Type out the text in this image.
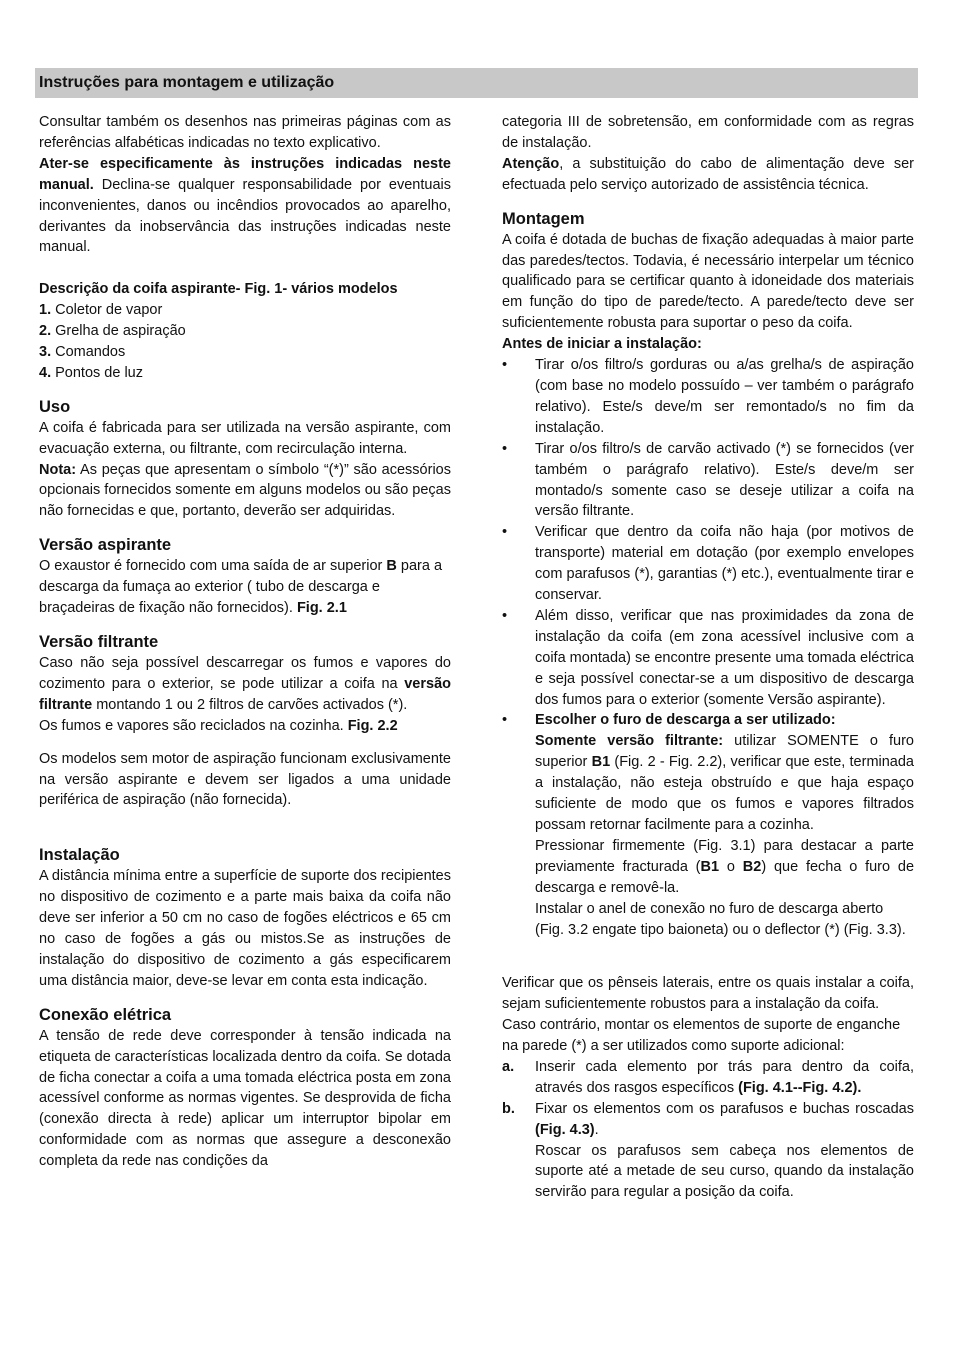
Instruções para montagem e utilização

Consultar também os desenhos nas primeiras páginas com as referências alfabéticas indicadas no texto explicativo.

Ater-se especificamente às instruções indicadas neste manual. Declina-se qualquer responsabilidade por eventuais inconvenientes, danos ou incêndios provocados ao aparelho, derivantes da inobservância das instruções indicadas neste manual.

Descrição da coifa aspirante- Fig. 1- vários modelos

1. Coletor de vapor

2. Grelha de aspiração

3. Comandos

4. Pontos de luz

Uso

A coifa é fabricada para ser utilizada na versão aspirante, com evacuação externa, ou filtrante, com recirculação interna.
Nota: As peças que apresentam o símbolo “(*)” são acessórios opcionais fornecidos somente em alguns modelos ou são peças não fornecidas e que, portanto, deverão ser adquiridas.

Versão aspirante

O exaustor é fornecido com uma saída de ar superior B para a descarga da fumaça ao exterior ( tubo de descarga e braçadeiras de fixação não fornecidos). Fig. 2.1

Versão filtrante

Caso não seja possível descarregar os fumos e vapores do cozimento para o exterior, se pode utilizar a coifa na versão filtrante montando 1 ou 2 filtros de carvões activados (*).
Os fumos e vapores são reciclados na cozinha. Fig. 2.2

Os modelos sem motor de aspiração funcionam exclusivamente na versão aspirante e devem ser ligados a uma unidade periférica de aspiração (não fornecida).

Instalação

A distância mínima entre a superfície de suporte dos recipientes no dispositivo de cozimento e a parte mais baixa da coifa não deve ser inferior a 50 cm no caso de fogões eléctricos e 65 cm no caso de fogões a gás ou mistos.Se as instruções de instalação do dispositivo de cozimento a gás especificarem uma distância maior, deve-se levar em conta esta indicação.

Conexão elétrica

A tensão de rede deve corresponder à tensão indicada na etiqueta de características localizada dentro da coifa. Se dotada de ficha conectar a coifa a uma tomada eléctrica posta em zona acessível conforme as normas vigentes. Se desprovida de ficha (conexão directa à rede) aplicar um interruptor bipolar em conformidade com as normas que assegure a desconexão completa da rede nas condições da

categoria III de sobretensão, em conformidade com as regras de instalação.

Atenção, a substituição do cabo de alimentação deve ser efectuada pelo serviço autorizado de assistência técnica.

Montagem

A coifa é dotada de buchas de fixação adequadas à maior parte das paredes/tectos. Todavia, é necessário interpelar um técnico qualificado para se certificar quanto à idoneidade dos materiais em função do tipo de parede/tecto. A parede/tecto deve ser suficientemente robusta para suportar o peso da coifa.

Antes de iniciar a instalação:

• Tirar o/os filtro/s gorduras ou a/as grelha/s de aspiração (com base no modelo possuído – ver também o parágrafo relativo). Este/s deve/m ser remontado/s no fim da instalação.
• Tirar o/os filtro/s de carvão activado (*) se fornecidos (ver também o parágrafo relativo). Este/s deve/m ser montado/s somente caso se deseje utilizar a coifa na versão filtrante.
• Verificar que dentro da coifa não haja (por motivos de transporte) material em dotação (por exemplo envelopes com parafusos (*), garantias (*) etc.), eventualmente tirar e conservar.
• Além disso, verificar que nas proximidades da zona de instalação da coifa (em zona acessível inclusive com a coifa montada) se encontre presente uma tomada eléctrica e seja possível conectar-se a um dispositivo de descarga dos fumos para o exterior (somente Versão aspirante).
• Escolher o furo de descarga a ser utilizado:
Somente versão filtrante: utilizar SOMENTE o furo superior B1 (Fig. 2 - Fig. 2.2), verificar que este, terminada a instalação, não esteja obstruído e que haja espaço suficiente de modo que os fumos e vapores filtrados possam retornar facilmente para a cozinha.
Pressionar firmemente (Fig. 3.1) para destacar a parte previamente fracturada (B1 o B2) que fecha o furo de descarga e removê-la.

Instalar o anel de conexão no furo de descarga aberto (Fig. 3.2 engate tipo baioneta) ou o deflector (*) (Fig. 3.3).

Verificar que os pênseis laterais, entre os quais instalar a coifa, sejam suficientemente robustos para a instalação da coifa.

Caso contrário, montar os elementos de suporte de enganche na parede (*) a ser utilizados como suporte adicional:

a. Inserir cada elemento por trás para dentro da coifa, através dos rasgos específicos (Fig. 4.1--Fig. 4.2).
b. Fixar os elementos com os parafusos e buchas roscadas (Fig. 4.3).
Roscar os parafusos sem cabeça nos elementos de suporte até a metade de seu curso, quando da instalação servirão para regular a posição da coifa.
